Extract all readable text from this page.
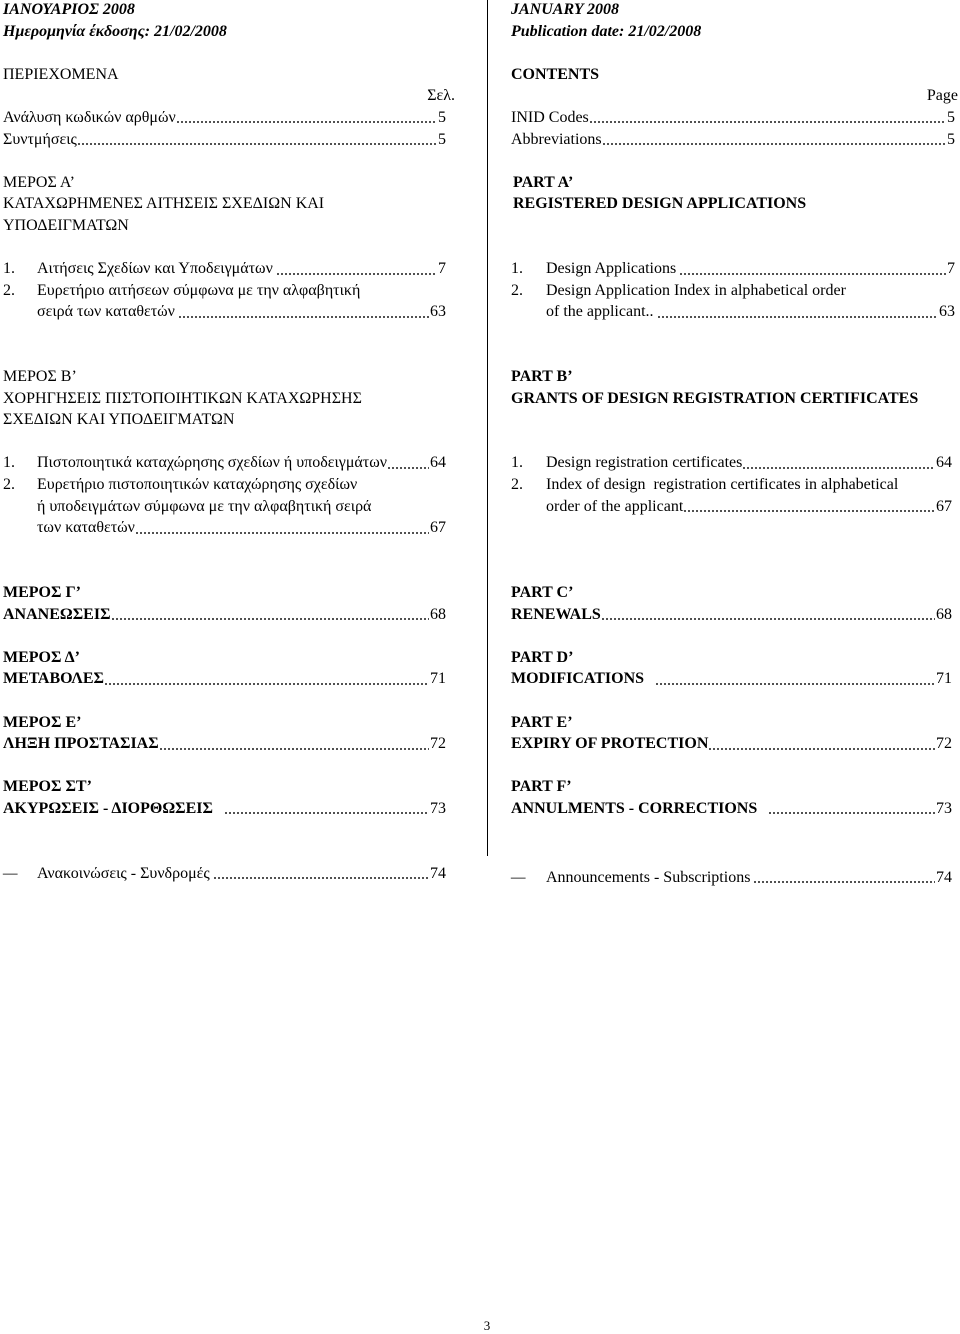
ΙΑΝΟΥΑΡΙΟΣ 2008
Ημερομηνία έκδοσης: 21/02/2008
ΠΕΡΙΕΧΟΜΕΝΑ
Σελ.
Ανάλυση κωδικών αρθμών	5
Συντμήσεις	5
ΜΕΡΟΣ Α’
ΚΑΤΑΧΩΡΗΜΕΝΕΣ ΑΙΤΗΣΕΙΣ ΣΧΕΔΙΩΝ ΚΑΙ
ΥΠΟΔΕΙΓΜΑΤΩΝ
1.	Αιτήσεις Σχεδίων και Υποδειγμάτων	7
2.	Ευρετήριο αιτήσεων σύμφωνα με την αλφαβητική
σειρά των καταθετών	63
ΜΕΡΟΣ Β’
ΧΟΡΗΓΗΣΕΙΣ ΠΙΣΤΟΠΟΙΗΤΙΚΩΝ ΚΑΤΑΧΩΡΗΣΗΣ
ΣΧΕΔΙΩΝ ΚΑΙ ΥΠΟΔΕΙΓΜΑΤΩΝ
1.	Πιστοποιητικά καταχώρησης σχεδίων ή υποδειγμάτων	64
2.	Ευρετήριο πιστοποιητικών καταχώρησης σχεδίων
ή υποδειγμάτων σύμφωνα με την αλφαβητική σειρά
των καταθετών	67
ΜΕΡΟΣ Γ’
ΑΝΑΝΕΩΣΕΙΣ	68
ΜΕΡΟΣ Δ’
ΜΕΤΑΒΟΛΕΣ	71
ΜΕΡΟΣ Ε’
ΛΗΞΗ ΠΡΟΣΤΑΣΙΑΣ	72
ΜΕΡΟΣ ΣΤ’
ΑΚΥΡΩΣΕΙΣ - ΔΙΟΡΘΩΣΕΙΣ	73
–	Ανακοινώσεις - Συνδρομές	74
JANUARY 2008
Publication date: 21/02/2008
CONTENTS
Page
INID Codes	5
Abbreviations	5
PART A’
REGISTERED DESIGN APPLICATIONS
1.	Design Applications	7
2.	Design Application Index in alphabetical order
of the applicant..	63
PART B’
GRANTS OF DESIGN REGISTRATION CERTIFICATES
1.	Design registration certificates	64
2.	Index of design  registration certificates in alphabetical
order of the applicant	67
PART C’
RENEWALS	68
PART D’
MODIFICATIONS	71
PART E’
EXPIRY OF PROTECTION	72
PART F’
ANNULMENTS - CORRECTIONS	73
–	Announcements - Subscriptions	74
3
